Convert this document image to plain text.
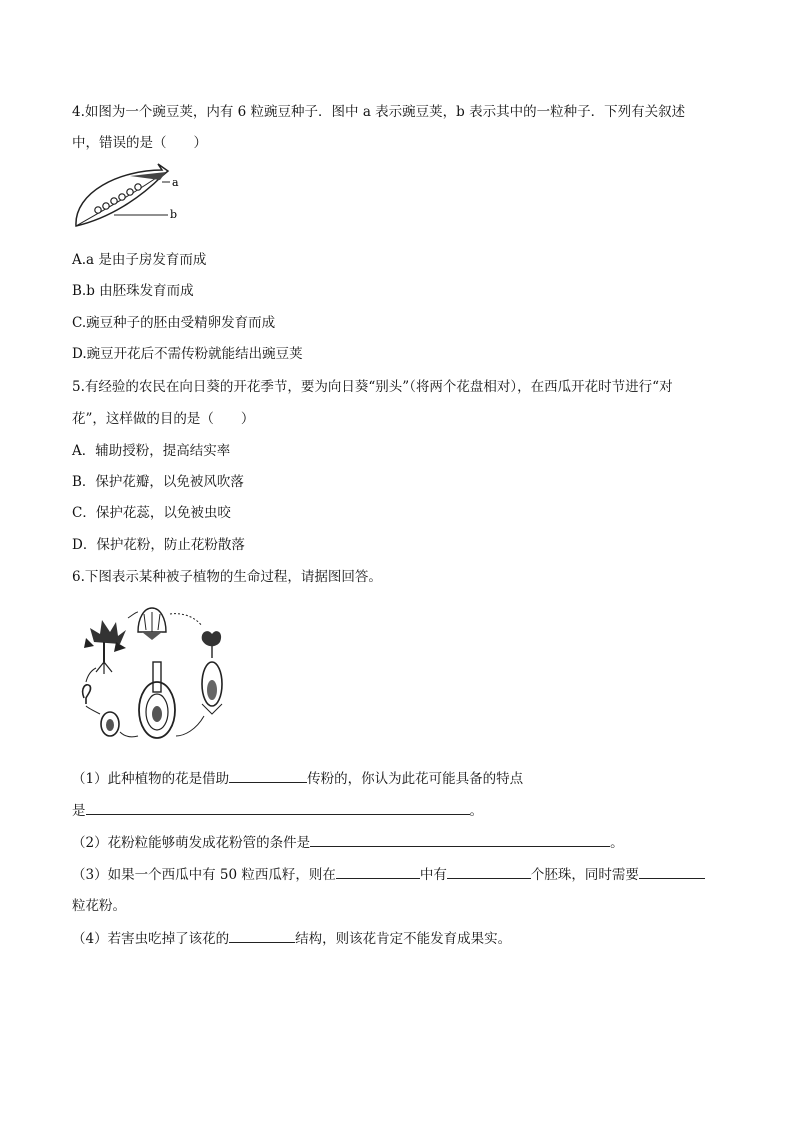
4.如图为一个豌豆荚，内有 6 粒豌豆种子．图中 a 表示豌豆荚，b 表示其中的一粒种子．下列有关叙述
中，错误的是（　　）
a
b
A.a 是由子房发育而成
B.b 由胚珠发育而成
C.豌豆种子的胚由受精卵发育而成
D.豌豆开花后不需传粉就能结出豌豆荚
5.有经验的农民在向日葵的开花季节，要为向日葵“别头”（将两个花盘相对），在西瓜开花时节进行“对
花”，这样做的目的是（　　）
A．辅助授粉，提高结实率
B．保护花瓣，以免被风吹落
C．保护花蕊，以免被虫咬
D．保护花粉，防止花粉散落
6.下图表示某种被子植物的生命过程，请据图回答。
（1）此种植物的花是借助	传粉的，你认为此花可能具备的特点
是	。
（2）花粉粒能够萌发成花粉管的条件是	。
（3）如果一个西瓜中有 50 粒西瓜籽，则在	中有	个胚珠，同时需要
粒花粉。
（4）若害虫吃掉了该花的	结构，则该花肯定不能发育成果实。
